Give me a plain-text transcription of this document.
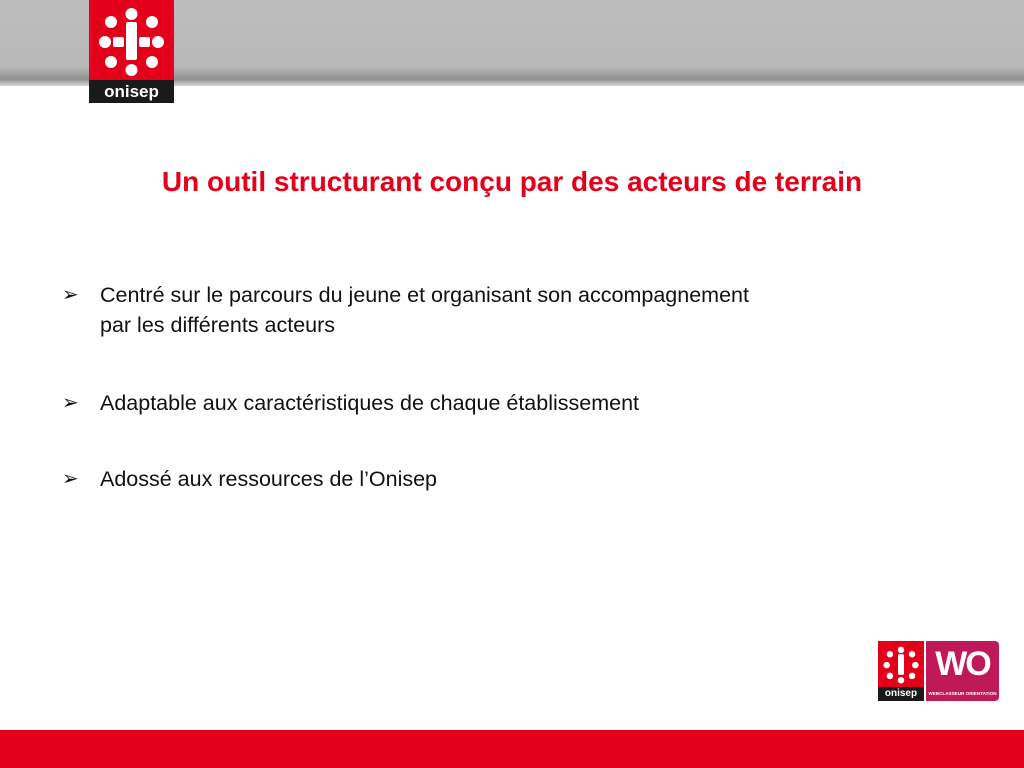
onisep
Un outil structurant conçu par des acteurs de terrain
➢ Centré sur le parcours du jeune et organisant son accompagnement
par les différents acteurs
➢ Adaptable aux caractéristiques de chaque établissement
➢ Adossé aux ressources de l’Onisep
onisep
WO
WEBCLASSEUR ORIENTATION
